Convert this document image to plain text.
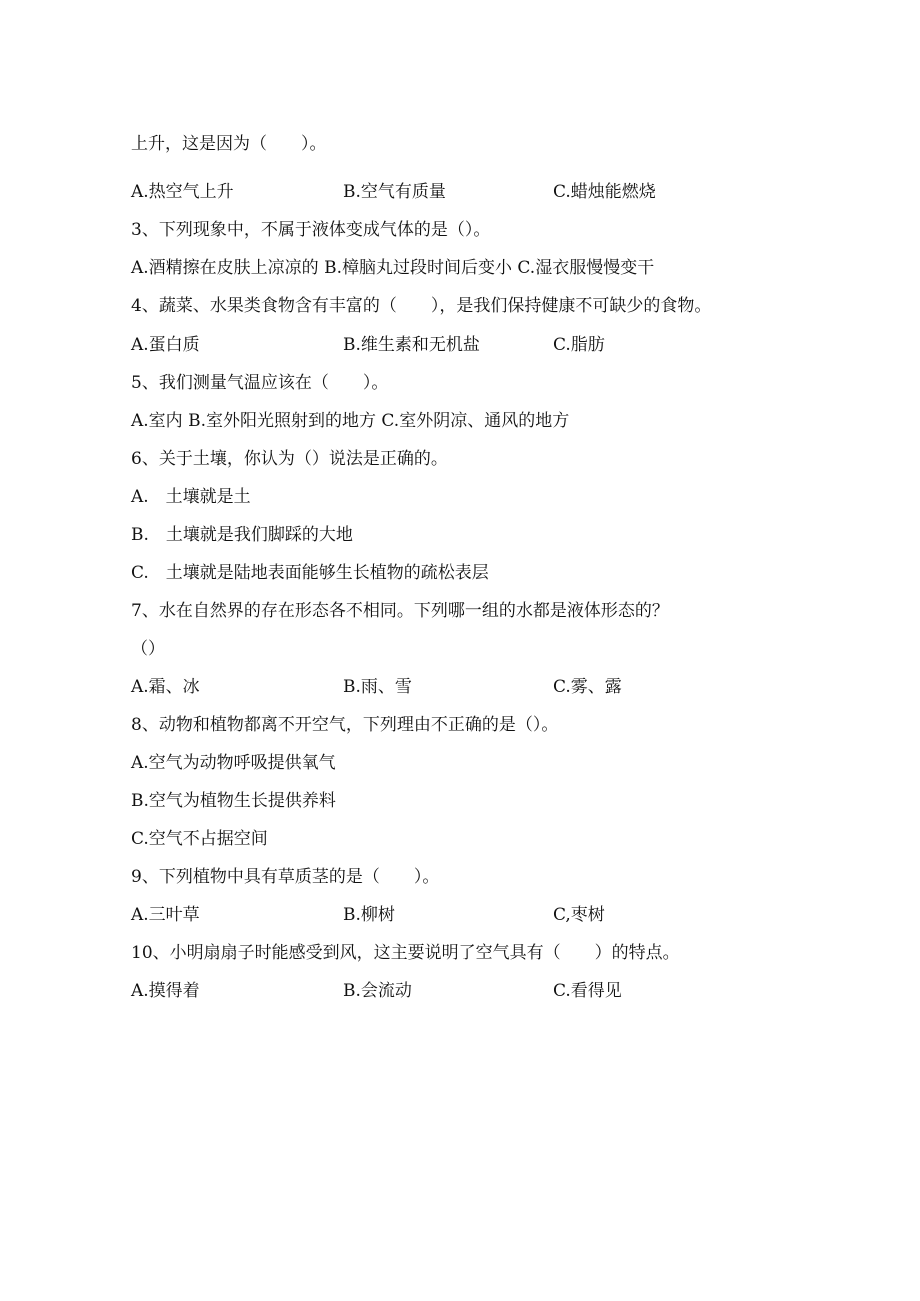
上升，这是因为（　　）。
A.热空气上升	B.空气有质量	C.蜡烛能燃烧
3、下列现象中，不属于液体变成气体的是（）。
A.酒精擦在皮肤上凉凉的 B.樟脑丸过段时间后变小 C.湿衣服慢慢变干
4、蔬菜、水果类食物含有丰富的（　　），是我们保持健康不可缺少的食物。
A.蛋白质	B.维生素和无机盐	C.脂肪
5、我们测量气温应该在（　　）。
A.室内 B.室外阳光照射到的地方 C.室外阴凉、通风的地方
6、关于土壤，你认为（）说法是正确的。
A.　土壤就是土
B.　土壤就是我们脚踩的大地
C.　土壤就是陆地表面能够生长植物的疏松表层
7、水在自然界的存在形态各不相同。下列哪一组的水都是液体形态的？
（）
A.霜、冰	B.雨、雪	C.雾、露
8、动物和植物都离不开空气，下列理由不正确的是（）。
A.空气为动物呼吸提供氧气
B.空气为植物生长提供养料
C.空气不占据空间
9、下列植物中具有草质茎的是（　　）。
A.三叶草	B.柳树	C,枣树
10、小明扇扇子时能感受到风，这主要说明了空气具有（　　）的特点。
A.摸得着	B.会流动	C.看得见
